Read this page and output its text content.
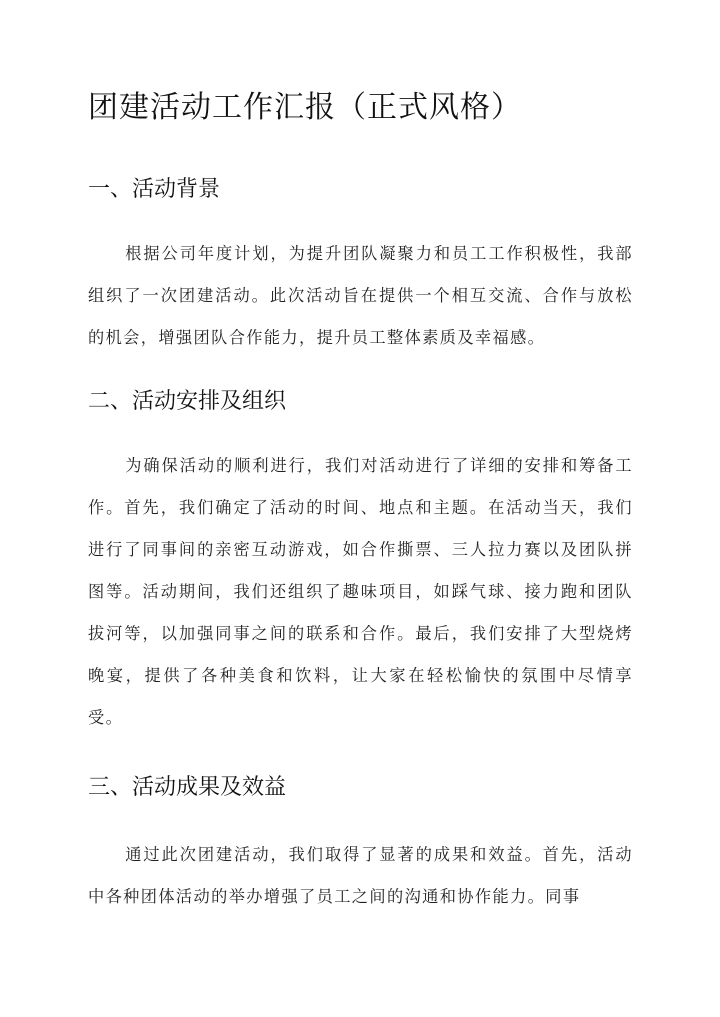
团建活动工作汇报（正式风格）
一、活动背景

根据公司年度计划，为提升团队凝聚力和员工工作积极性，我部组织了一次团建活动。此次活动旨在提供一个相互交流、合作与放松的机会，增强团队合作能力，提升员工整体素质及幸福感。

二、活动安排及组织

为确保活动的顺利进行，我们对活动进行了详细的安排和筹备工作。首先，我们确定了活动的时间、地点和主题。在活动当天，我们进行了同事间的亲密互动游戏，如合作撕票、三人拉力赛以及团队拼图等。活动期间，我们还组织了趣味项目，如踩气球、接力跑和团队拔河等，以加强同事之间的联系和合作。最后，我们安排了大型烧烤晚宴，提供了各种美食和饮料，让大家在轻松愉快的氛围中尽情享受。

三、活动成果及效益

通过此次团建活动，我们取得了显著的成果和效益。首先，活动中各种团体活动的举办增强了员工之间的沟通和协作能力。同事
